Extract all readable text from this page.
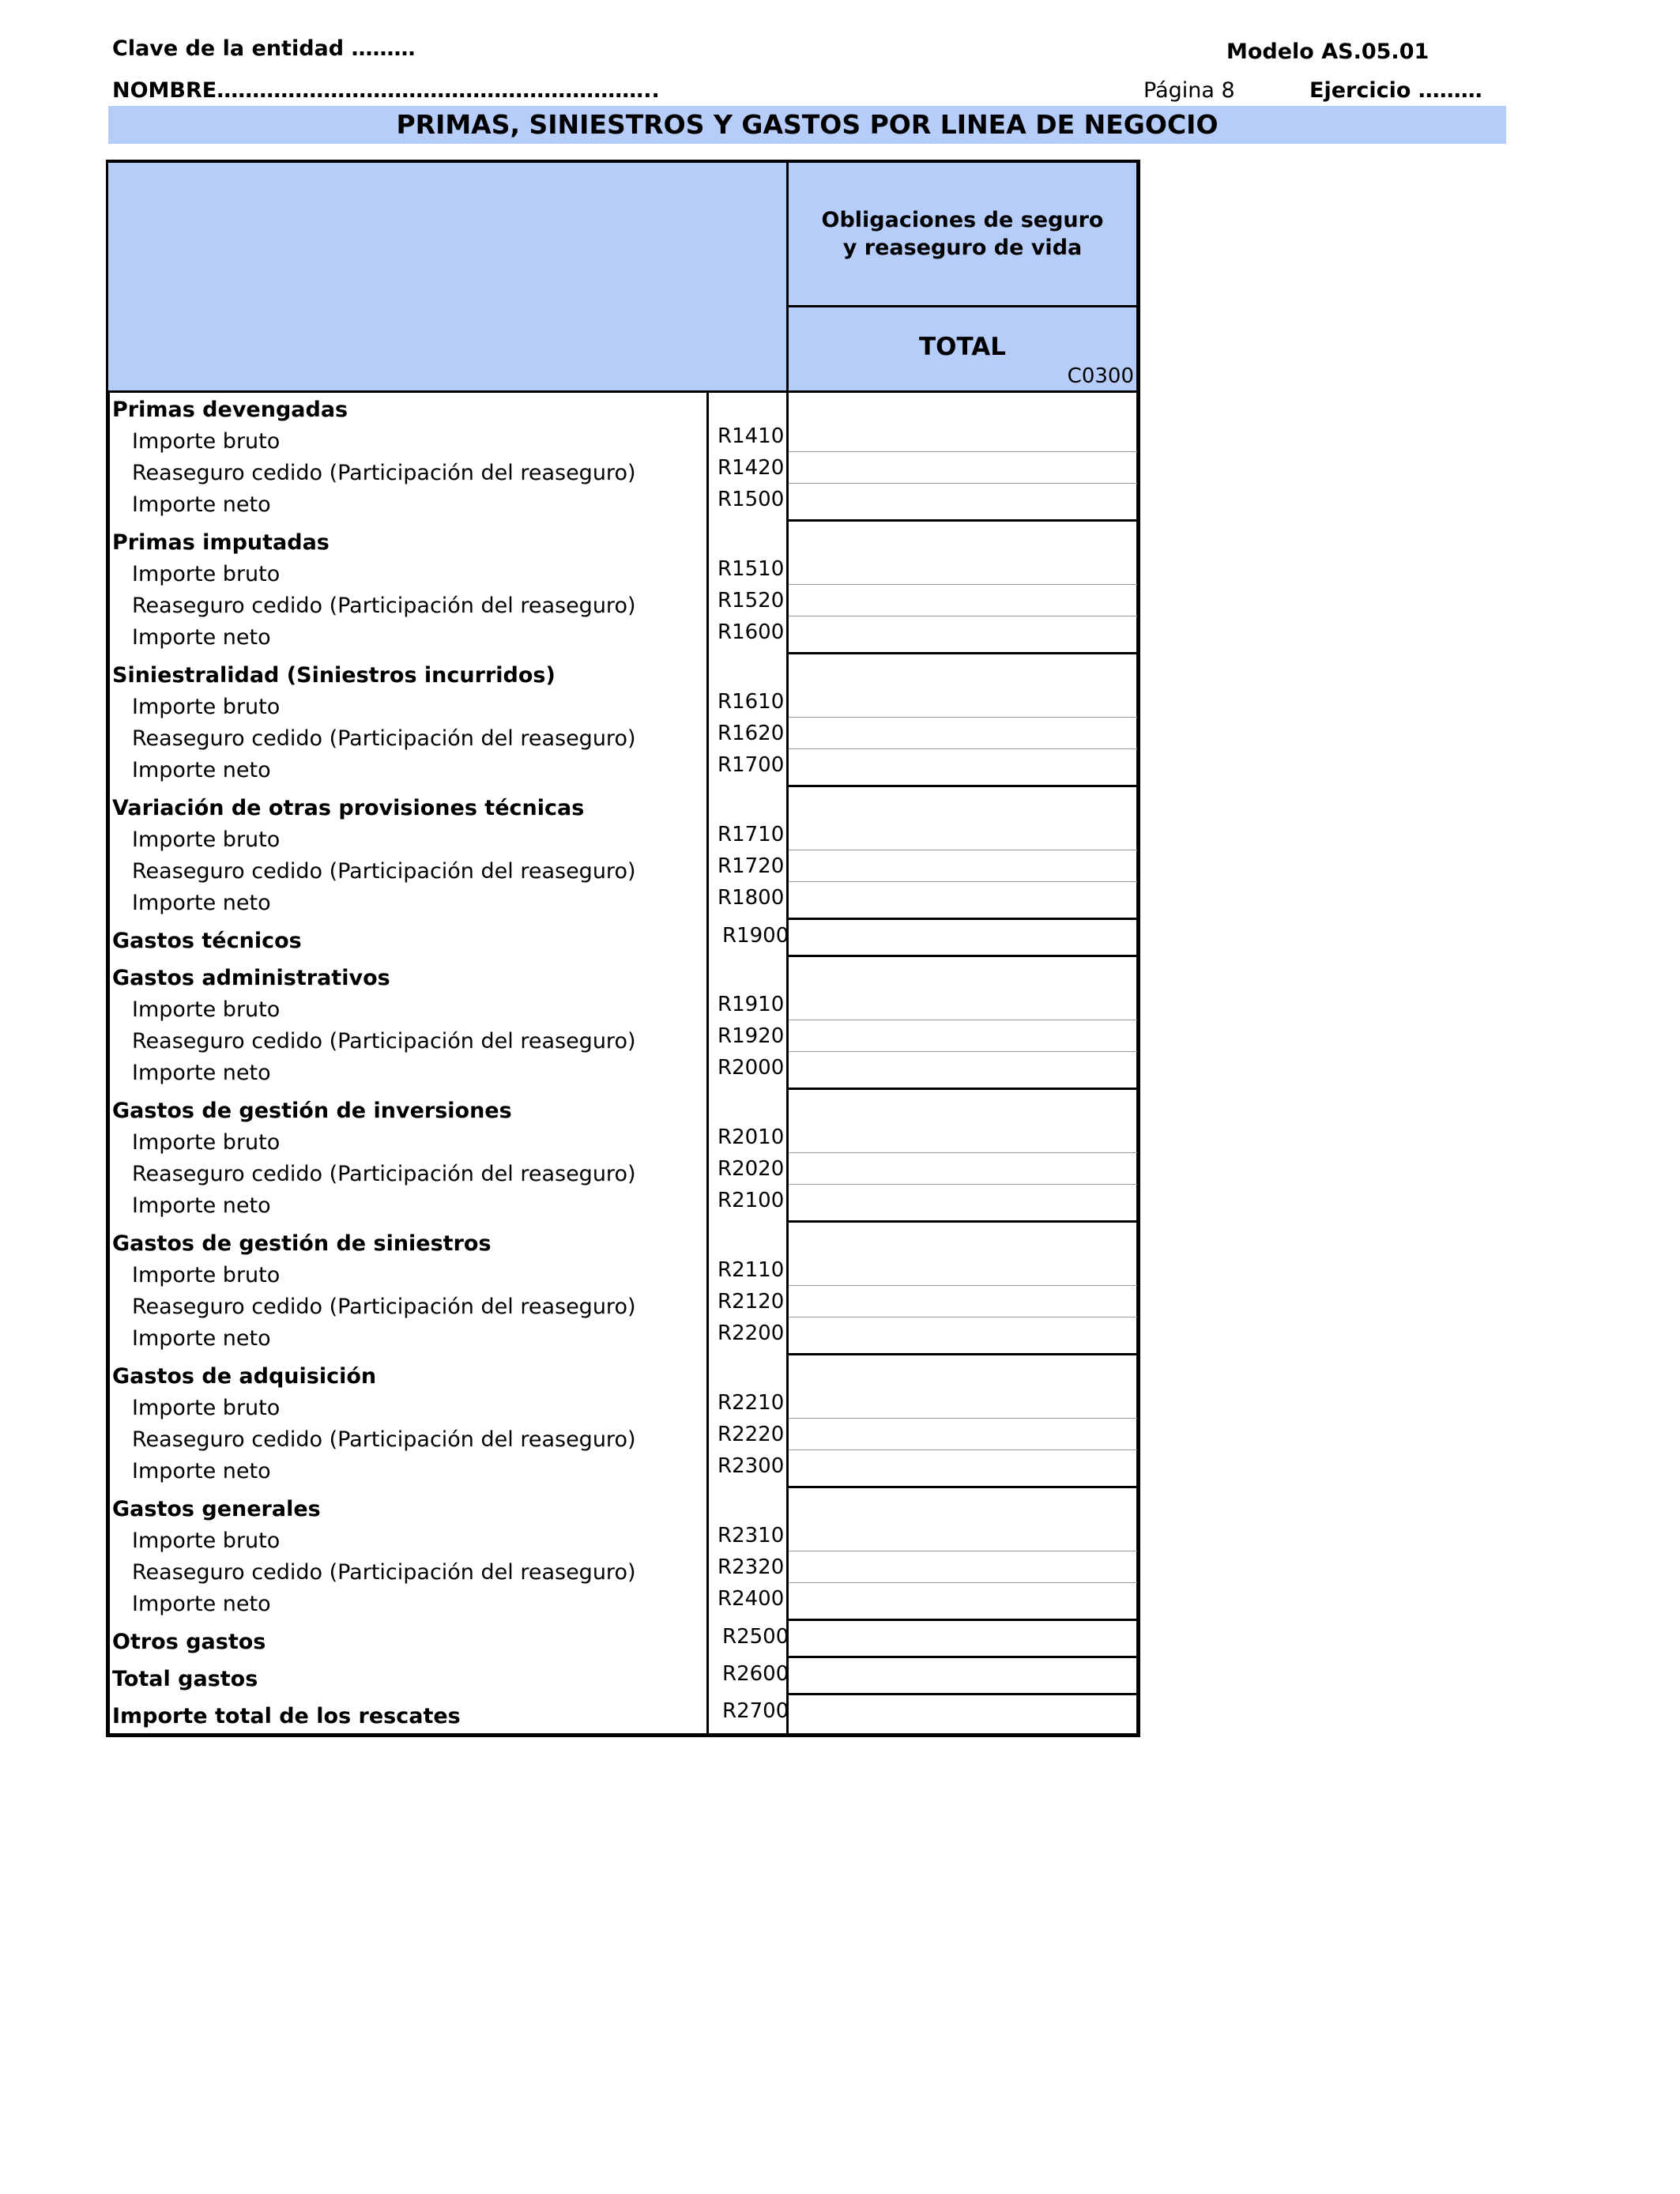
Clave de la entidad ………	Modelo AS.05.01
NOMBRE……………………………………………………..	Página 8	Ejercicio ………
PRIMAS, SINIESTROS Y GASTOS POR LINEA DE NEGOCIO
Obligaciones de seguro y reaseguro de vida
TOTAL
C0300
Primas devengadas
Importe bruto	R1410
Reaseguro cedido (Participación del reaseguro)	R1420
Importe neto	R1500
Primas imputadas
Importe bruto	R1510
Reaseguro cedido (Participación del reaseguro)	R1520
Importe neto	R1600
Siniestralidad (Siniestros incurridos)
Importe bruto	R1610
Reaseguro cedido (Participación del reaseguro)	R1620
Importe neto	R1700
Variación de otras provisiones técnicas
Importe bruto	R1710
Reaseguro cedido (Participación del reaseguro)	R1720
Importe neto	R1800
Gastos técnicos	R1900
Gastos administrativos
Importe bruto	R1910
Reaseguro cedido (Participación del reaseguro)	R1920
Importe neto	R2000
Gastos de gestión de inversiones
Importe bruto	R2010
Reaseguro cedido (Participación del reaseguro)	R2020
Importe neto	R2100
Gastos de gestión de siniestros
Importe bruto	R2110
Reaseguro cedido (Participación del reaseguro)	R2120
Importe neto	R2200
Gastos de adquisición
Importe bruto	R2210
Reaseguro cedido (Participación del reaseguro)	R2220
Importe neto	R2300
Gastos generales
Importe bruto	R2310
Reaseguro cedido (Participación del reaseguro)	R2320
Importe neto	R2400
Otros gastos	R2500
Total gastos	R2600
Importe total de los rescates	R2700
